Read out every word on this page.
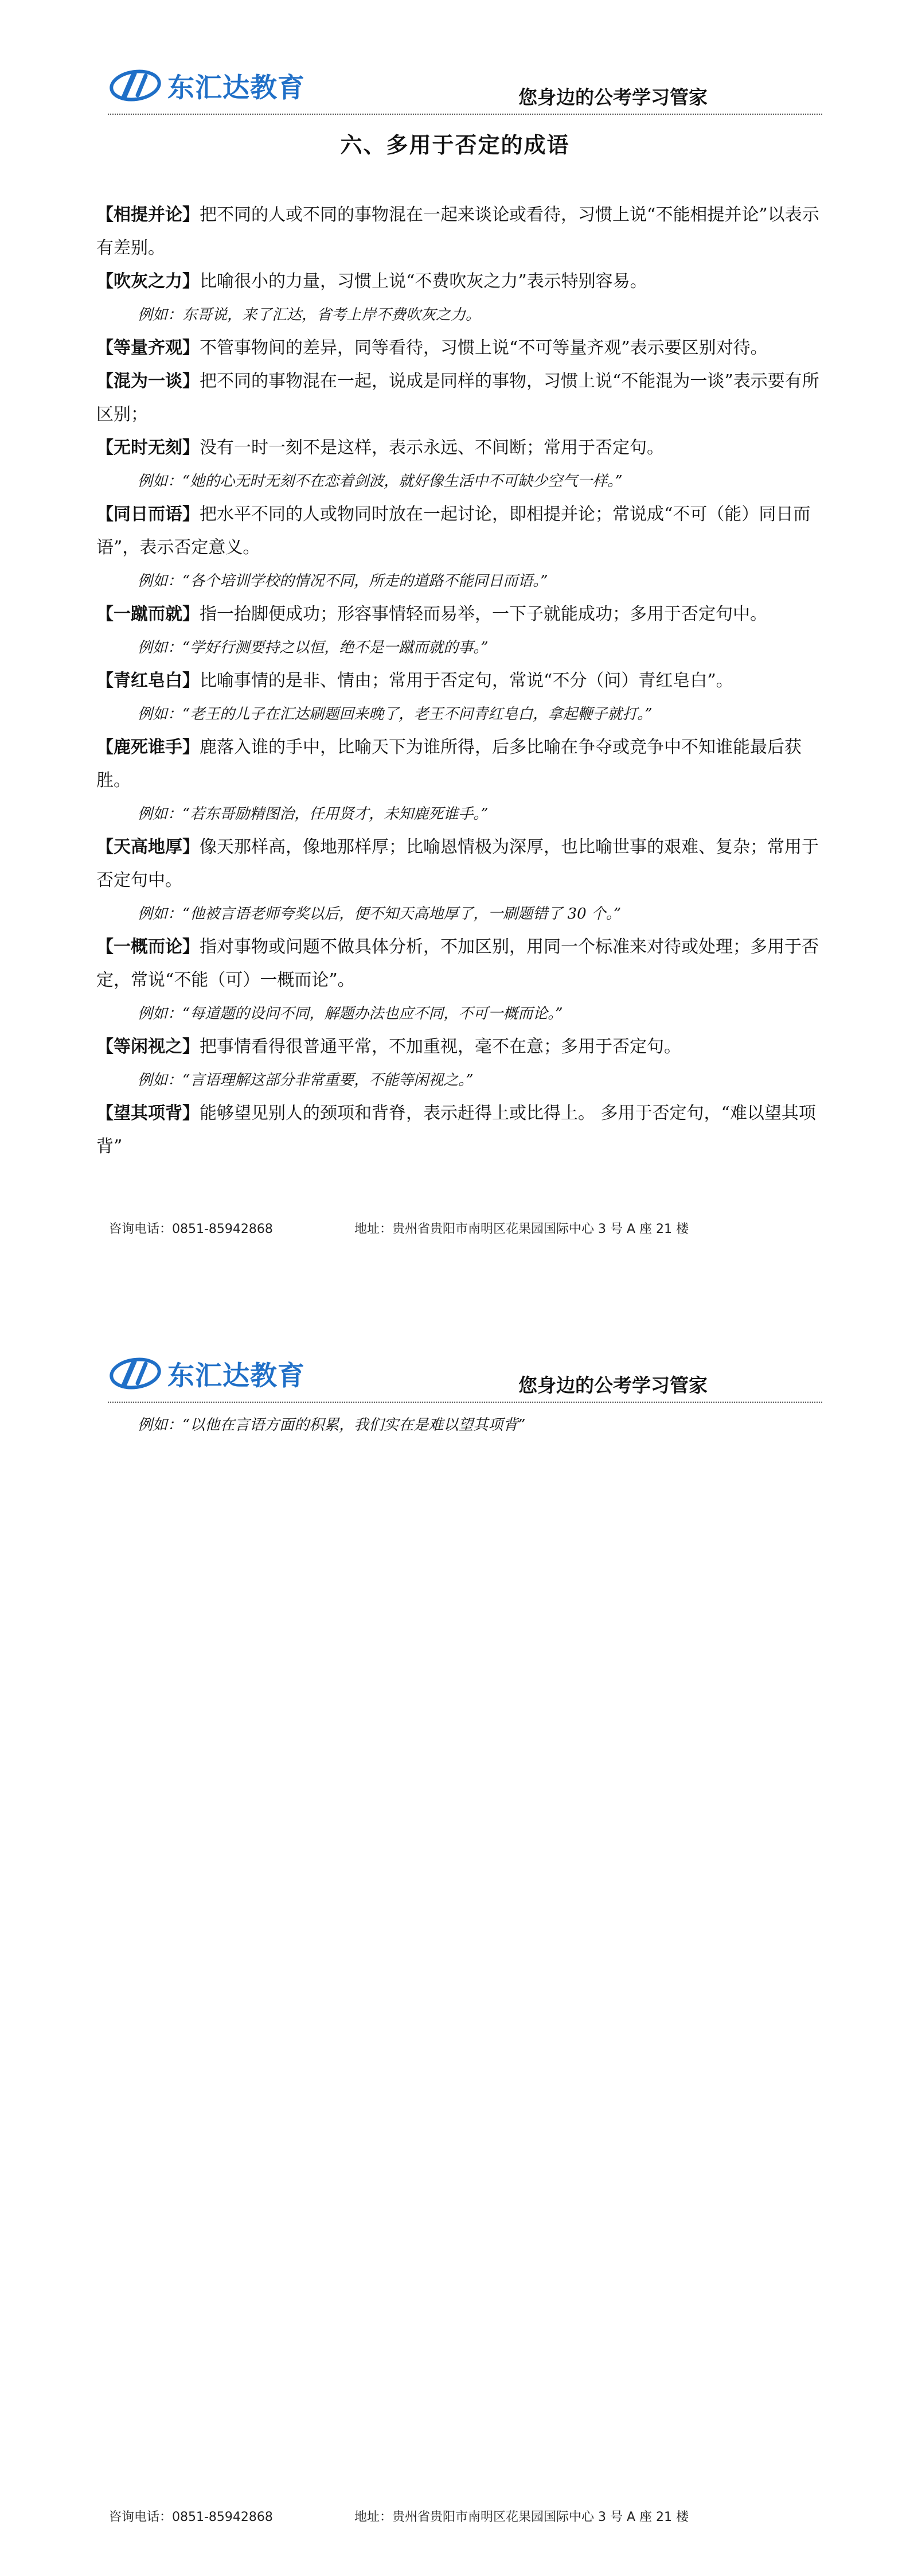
东汇达教育	您身边的公考学习管家
六、多用于否定的成语

【相提并论】把不同的人或不同的事物混在一起来谈论或看待，习惯上说“不能相提并论”以表示有差别。

【吹灰之力】比喻很小的力量，习惯上说“不费吹灰之力”表示特别容易。

例如：东哥说，来了汇达，省考上岸不费吹灰之力。

【等量齐观】不管事物间的差异，同等看待，习惯上说“不可等量齐观”表示要区别对待。

【混为一谈】把不同的事物混在一起，说成是同样的事物，习惯上说“不能混为一谈”表示要有所区别；

【无时无刻】没有一时一刻不是这样，表示永远、不间断；常用于否定句。

例如：“她的心无时无刻不在恋着剑波，就好像生活中不可缺少空气一样。”

【同日而语】把水平不同的人或物同时放在一起讨论，即相提并论；常说成“不可（能）同日而语”，表示否定意义。

例如：“各个培训学校的情况不同，所走的道路不能同日而语。”

【一蹴而就】指一抬脚便成功；形容事情轻而易举，一下子就能成功；多用于否定句中。

例如：“学好行测要持之以恒，绝不是一蹴而就的事。”

【青红皂白】比喻事情的是非、情由；常用于否定句，常说“不分（问）青红皂白”。

例如：“老王的儿子在汇达刷题回来晚了，老王不问青红皂白，拿起鞭子就打。”

【鹿死谁手】鹿落入谁的手中，比喻天下为谁所得，后多比喻在争夺或竞争中不知谁能最后获胜。

例如：“若东哥励精图治，任用贤才，未知鹿死谁手。”

【天高地厚】像天那样高，像地那样厚；比喻恩情极为深厚，也比喻世事的艰难、复杂；常用于否定句中。

例如：“他被言语老师夸奖以后，便不知天高地厚了，一刷题错了 30 个。”

【一概而论】指对事物或问题不做具体分析，不加区别，用同一个标准来对待或处理；多用于否定，常说“不能（可）一概而论”。

例如：“每道题的设问不同，解题办法也应不同，不可一概而论。”

【等闲视之】把事情看得很普通平常，不加重视，毫不在意；多用于否定句。

例如：“言语理解这部分非常重要，不能等闲视之。”

【望其项背】能够望见别人的颈项和背脊，表示赶得上或比得上。 多用于否定句，“难以望其项背”

咨询电话：0851-85942868	地址：贵州省贵阳市南明区花果园国际中心 3 号 A 座 21 楼
东汇达教育	您身边的公考学习管家

例如：“以他在言语方面的积累，我们实在是难以望其项背”

咨询电话：0851-85942868	地址：贵州省贵阳市南明区花果园国际中心 3 号 A 座 21 楼
